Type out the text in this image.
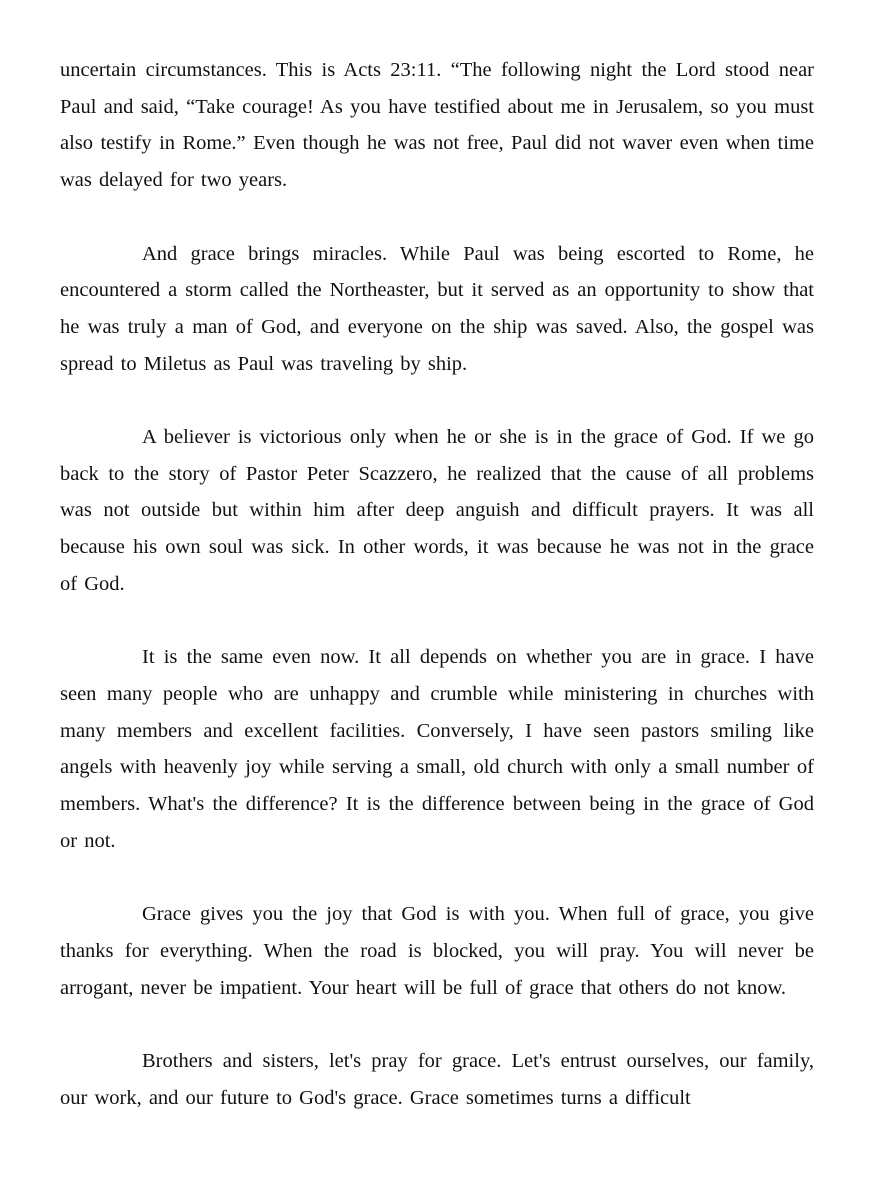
uncertain circumstances. This is Acts 23:11. “The following night the Lord stood near Paul and said, “Take courage! As you have testified about me in Jerusalem, so you must also testify in Rome.” Even though he was not free, Paul did not waver even when time was delayed for two years.

And grace brings miracles. While Paul was being escorted to Rome, he encountered a storm called the Northeaster, but it served as an opportunity to show that he was truly a man of God, and everyone on the ship was saved. Also, the gospel was spread to Miletus as Paul was traveling by ship.

A believer is victorious only when he or she is in the grace of God. If we go back to the story of Pastor Peter Scazzero, he realized that the cause of all problems was not outside but within him after deep anguish and difficult prayers. It was all because his own soul was sick. In other words, it was because he was not in the grace of God.

It is the same even now. It all depends on whether you are in grace. I have seen many people who are unhappy and crumble while ministering in churches with many members and excellent facilities. Conversely, I have seen pastors smiling like angels with heavenly joy while serving a small, old church with only a small number of members. What's the difference? It is the difference between being in the grace of God or not.

Grace gives you the joy that God is with you. When full of grace, you give thanks for everything. When the road is blocked, you will pray. You will never be arrogant, never be impatient. Your heart will be full of grace that others do not know.

Brothers and sisters, let's pray for grace. Let's entrust ourselves, our family, our work, and our future to God's grace. Grace sometimes turns a difficult
